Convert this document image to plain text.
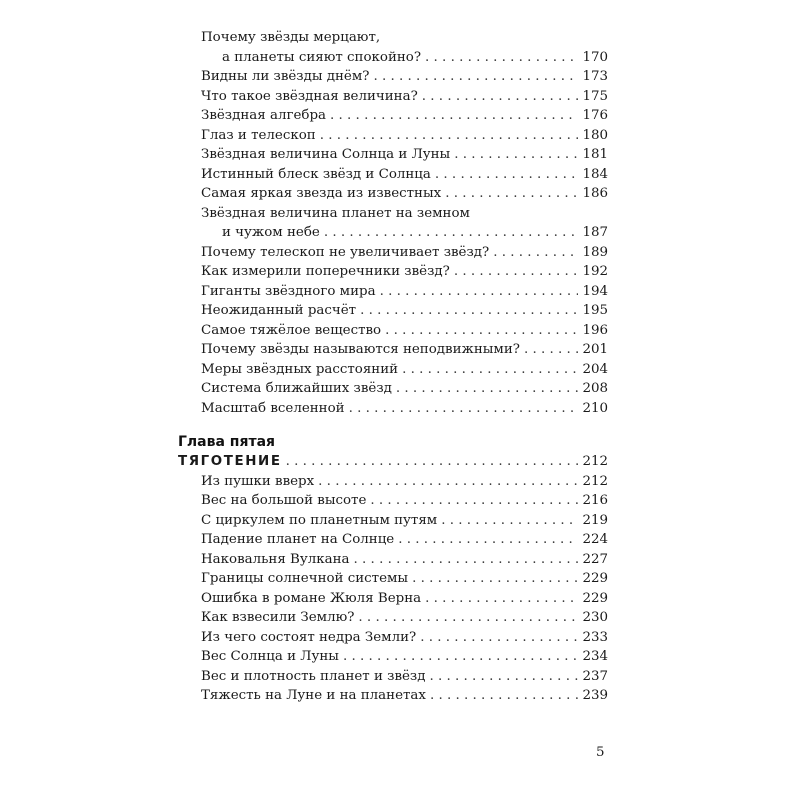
Почему звёзды мерцают,
а планеты сияют спокойно? . . .	170
Видны ли звёзды днём? . . .	173
Что такое звёздная величина? . . .	175
Звёздная алгебра . . .	176
Глаз и телескоп . . .	180
Звёздная величина Солнца и Луны . . .	181
Истинный блеск звёзд и Солнца . . .	184
Самая яркая звезда из известных . . .	186
Звёздная величина планет на земном
и чужом небе . . .	187
Почему телескоп не увеличивает звёзд? . . .	189
Как измерили поперечники звёзд? . . .	192
Гиганты звёздного мира . . .	194
Неожиданный расчёт . . .	195
Самое тяжёлое вещество . . .	196
Почему звёзды называются неподвижными? . . .	201
Меры звёздных расстояний . . .	204
Система ближайших звёзд . . .	208
Масштаб вселенной . . .	210
Глава пятая
ТЯГОТЕНИЕ . . .	212
Из пушки вверх . . .	212
Вес на большой высоте . . .	216
С циркулем по планетным путям . . .	219
Падение планет на Солнце . . .	224
Наковальня Вулкана . . .	227
Границы солнечной системы . . .	229
Ошибка в романе Жюля Верна . . .	229
Как взвесили Землю? . . .	230
Из чего состоят недра Земли? . . .	233
Вес Солнца и Луны . . .	234
Вес и плотность планет и звёзд . . .	237
Тяжесть на Луне и на планетах . . .	239
5
